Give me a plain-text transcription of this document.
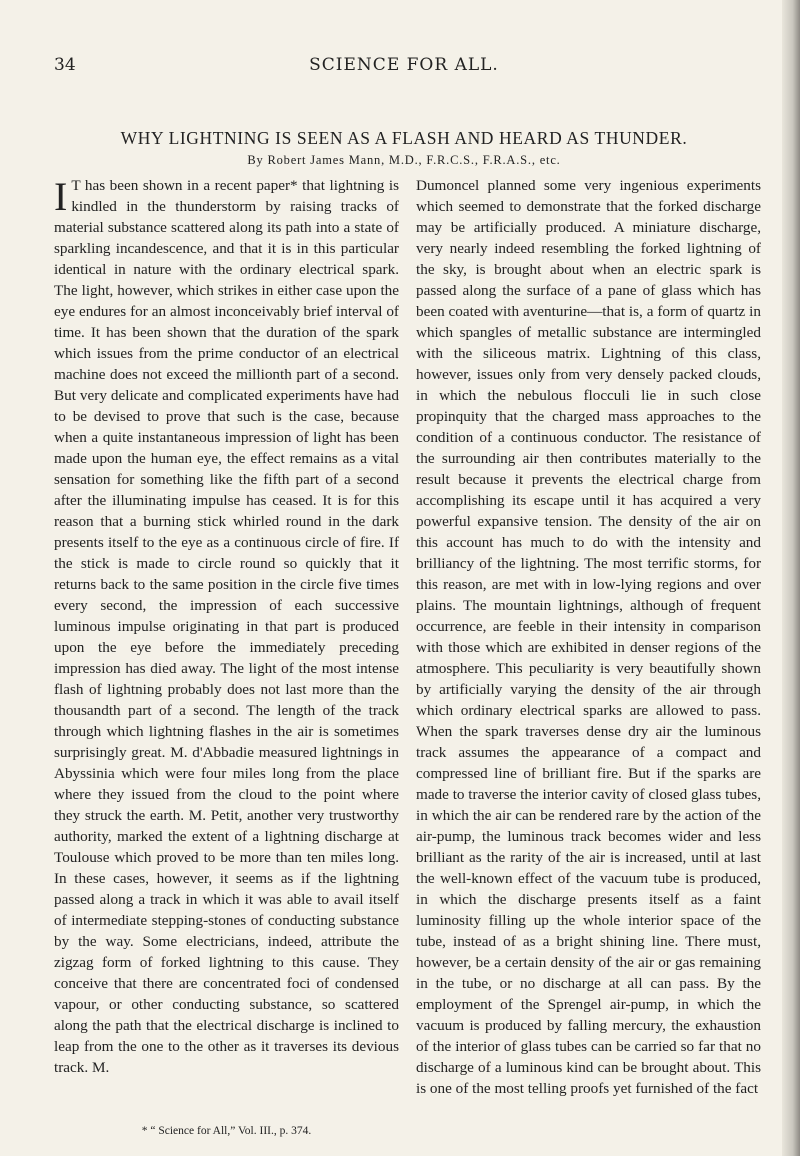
34	SCIENCE FOR ALL.
WHY LIGHTNING IS SEEN AS A FLASH AND HEARD AS THUNDER.
By Robert James Mann, M.D., F.R.C.S., F.R.A.S., etc.
I T has been shown in a recent paper* that lightning is kindled in the thunderstorm by raising tracks of material substance scattered along its path into a state of sparkling incandescence, and that it is in this particular identical in nature with the ordinary electrical spark. The light, however, which strikes in either case upon the eye endures for an almost inconceivably brief interval of time. It has been shown that the duration of the spark which issues from the prime conductor of an electrical machine does not exceed the millionth part of a second. But very delicate and complicated experiments have had to be devised to prove that such is the case, because when a quite instantaneous impression of light has been made upon the human eye, the effect remains as a vital sensation for something like the fifth part of a second after the illuminating impulse has ceased. It is for this reason that a burning stick whirled round in the dark presents itself to the eye as a continuous circle of fire. If the stick is made to circle round so quickly that it returns back to the same position in the circle five times every second, the impression of each successive luminous impulse originating in that part is produced upon the eye before the immediately preceding impression has died away. The light of the most intense flash of lightning probably does not last more than the thousandth part of a second. The length of the track through which lightning flashes in the air is sometimes surprisingly great. M. d'Abbadie measured lightnings in Abyssinia which were four miles long from the place where they issued from the cloud to the point where they struck the earth. M. Petit, another very trustworthy authority, marked the extent of a lightning discharge at Toulouse which proved to be more than ten miles long. In these cases, however, it seems as if the lightning passed along a track in which it was able to avail itself of intermediate stepping-stones of conducting substance by the way. Some electricians, indeed, attribute the zigzag form of forked lightning to this cause. They conceive that there are concentrated foci of condensed vapour, or other conducting substance, so scattered along the path that the electrical discharge is inclined to leap from the one to the other as it traverses its devious track. M.

Dumoncel planned some very ingenious experiments which seemed to demonstrate that the forked discharge may be artificially produced. A miniature discharge, very nearly indeed resembling the forked lightning of the sky, is brought about when an electric spark is passed along the surface of a pane of glass which has been coated with aventurine—that is, a form of quartz in which spangles of metallic substance are intermingled with the siliceous matrix. Lightning of this class, however, issues only from very densely packed clouds, in which the nebulous flocculi lie in such close propinquity that the charged mass approaches to the condition of a continuous conductor. The resistance of the surrounding air then contributes materially to the result because it prevents the electrical charge from accomplishing its escape until it has acquired a very powerful expansive tension. The density of the air on this account has much to do with the intensity and brilliancy of the lightning. The most terrific storms, for this reason, are met with in low-lying regions and over plains. The mountain lightnings, although of frequent occurrence, are feeble in their intensity in comparison with those which are exhibited in denser regions of the atmosphere. This peculiarity is very beautifully shown by artificially varying the density of the air through which ordinary electrical sparks are allowed to pass. When the spark traverses dense dry air the luminous track assumes the appearance of a compact and compressed line of brilliant fire. But if the sparks are made to traverse the interior cavity of closed glass tubes, in which the air can be rendered rare by the action of the air-pump, the luminous track becomes wider and less brilliant as the rarity of the air is increased, until at last the well-known effect of the vacuum tube is produced, in which the discharge presents itself as a faint luminosity filling up the whole interior space of the tube, instead of as a bright shining line. There must, however, be a certain density of the air or gas remaining in the tube, or no discharge at all can pass. By the employment of the Sprengel air-pump, in which the vacuum is produced by falling mercury, the exhaustion of the interior of glass tubes can be carried so far that no discharge of a luminous kind can be brought about. This is one of the most telling proofs yet furnished of the fact

* “ Science for All,” Vol. III., p. 374.
